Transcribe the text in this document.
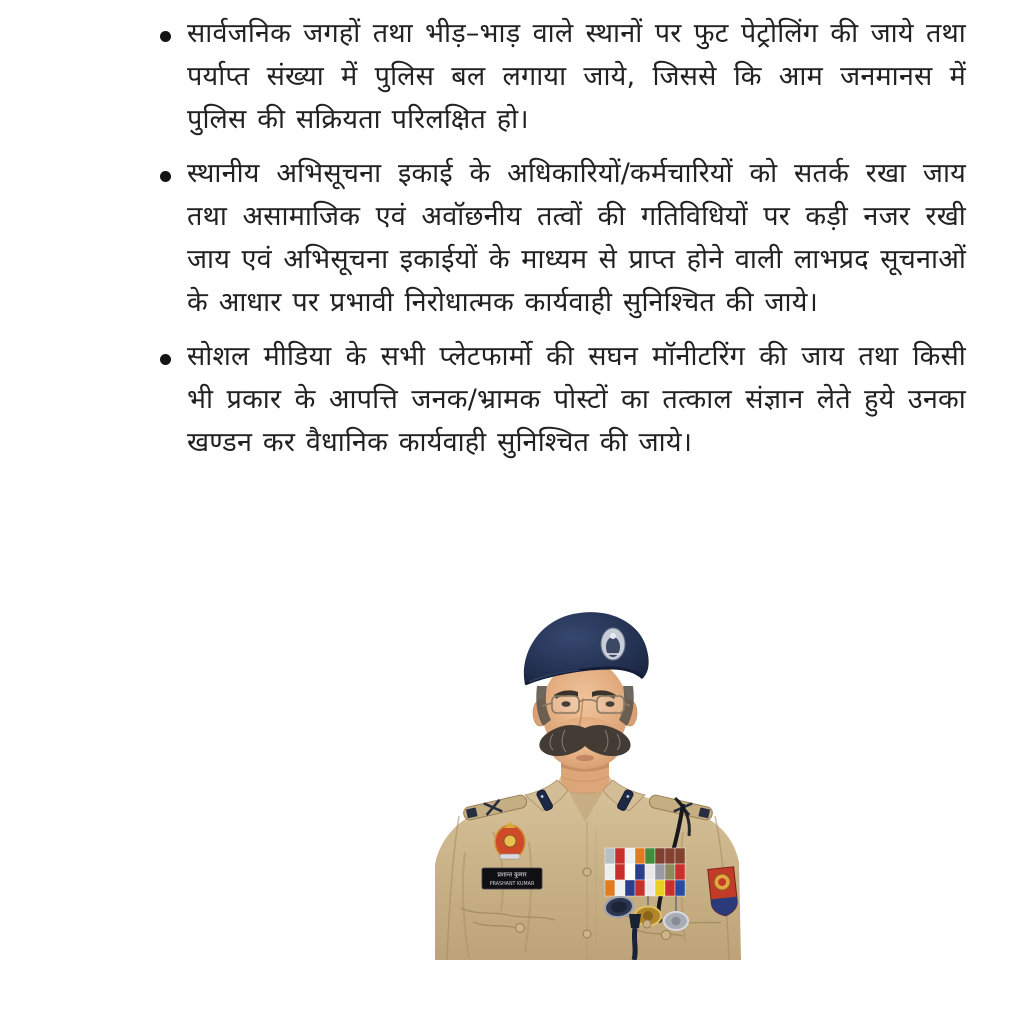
सार्वजनिक जगहों तथा भीड़–भाड़ वाले स्थानों पर फुट पेट्रोलिंग की जाये तथा पर्याप्त संख्या में पुलिस बल लगाया जाये, जिससे कि आम जनमानस में पुलिस की सक्रियता परिलक्षित हो।

स्थानीय अभिसूचना इकाई के अधिकारियों/कर्मचारियों को सतर्क रखा जाय तथा असामाजिक एवं अवॉछनीय तत्वों की गतिविधियों पर कड़ी नजर रखी जाय एवं अभिसूचना इकाईयों के माध्यम से प्राप्त होने वाली लाभप्रद सूचनाओं के आधार पर प्रभावी निरोधात्मक कार्यवाही सुनिश्चित की जाये।

सोशल मीडिया के सभी प्लेटफार्मो की सघन मॉनीटरिंग की जाय तथा किसी भी प्रकार के आपत्ति जनक/भ्रामक पोस्टों का तत्काल संज्ञान लेते हुये उनका खण्डन कर वैधानिक कार्यवाही सुनिश्चित की जाये।

प्रशान्त कुमार
PRASHANT KUMAR
